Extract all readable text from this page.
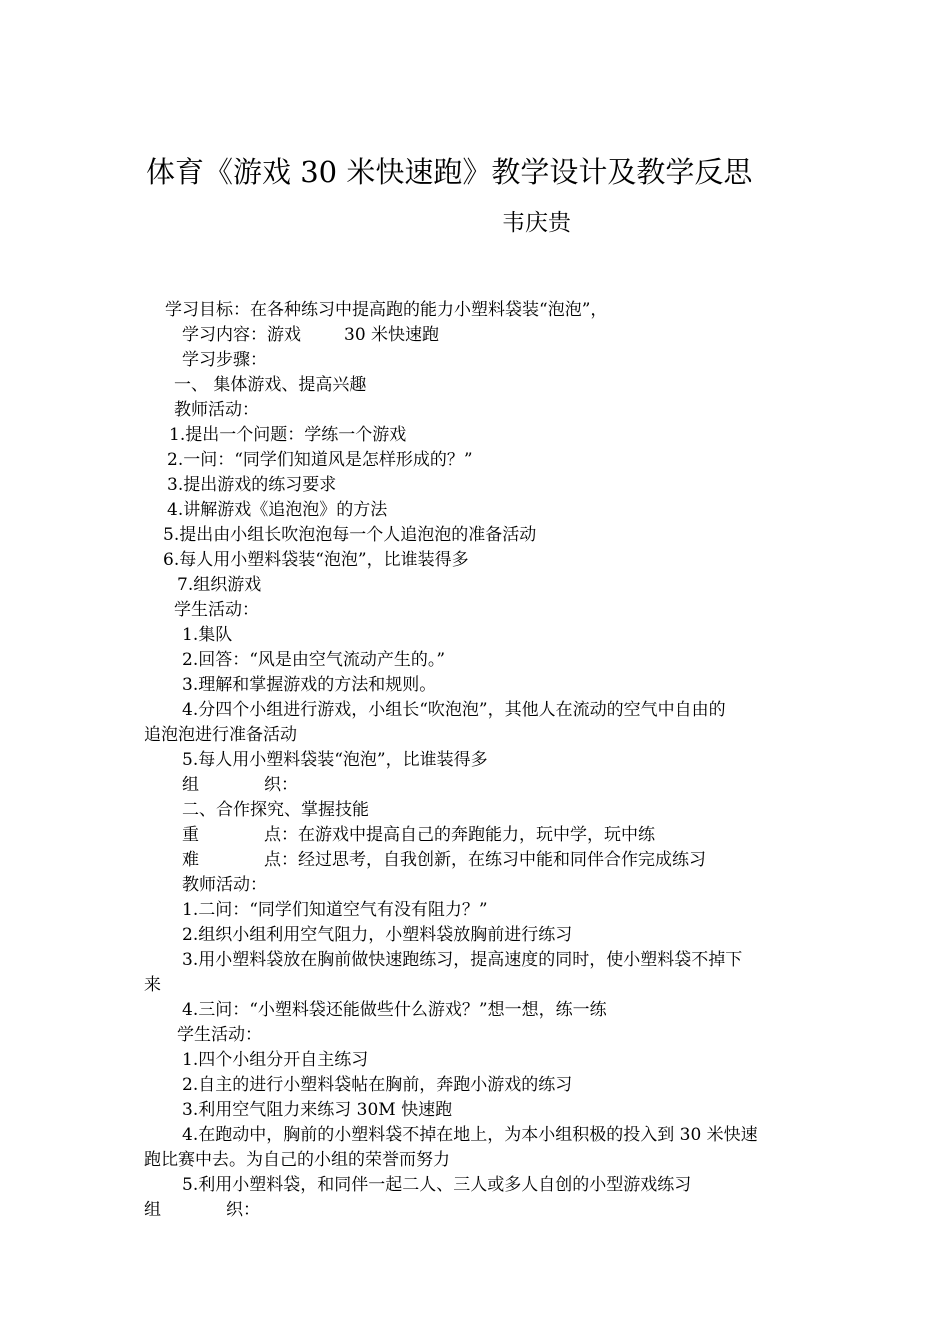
体育《游戏 30 米快速跑》教学设计及教学反思
韦庆贵
学习目标：在各种练习中提高跑的能力小塑料袋装“泡泡”，
学习内容：游戏	30 米快速跑
学习步骤：
一、 集体游戏、提高兴趣
教师活动：
1.提出一个问题：学练一个游戏
2.一问：“同学们知道风是怎样形成的？”
3.提出游戏的练习要求
4.讲解游戏《追泡泡》的方法
5.提出由小组长吹泡泡每一个人追泡泡的准备活动
6.每人用小塑料袋装“泡泡”，比谁装得多
7.组织游戏
学生活动：
1.集队
2.回答：“风是由空气流动产生的。”
3.理解和掌握游戏的方法和规则。
4.分四个小组进行游戏，小组长“吹泡泡”，其他人在流动的空气中自由的
追泡泡进行准备活动
5.每人用小塑料袋装“泡泡”，比谁装得多
组	织：
二、合作探究、掌握技能
重	点：在游戏中提高自己的奔跑能力，玩中学，玩中练
难	点：经过思考，自我创新，在练习中能和同伴合作完成练习
教师活动：
1.二问：“同学们知道空气有没有阻力？”
2.组织小组利用空气阻力，小塑料袋放胸前进行练习
3.用小塑料袋放在胸前做快速跑练习，提高速度的同时，使小塑料袋不掉下
来
4.三问：“小塑料袋还能做些什么游戏？”想一想，练一练
学生活动：
1.四个小组分开自主练习
2.自主的进行小塑料袋帖在胸前，奔跑小游戏的练习
3.利用空气阻力来练习 30M 快速跑
4.在跑动中，胸前的小塑料袋不掉在地上，为本小组积极的投入到 30 米快速
跑比赛中去。为自己的小组的荣誉而努力
5.利用小塑料袋，和同伴一起二人、三人或多人自创的小型游戏练习
组	织：
